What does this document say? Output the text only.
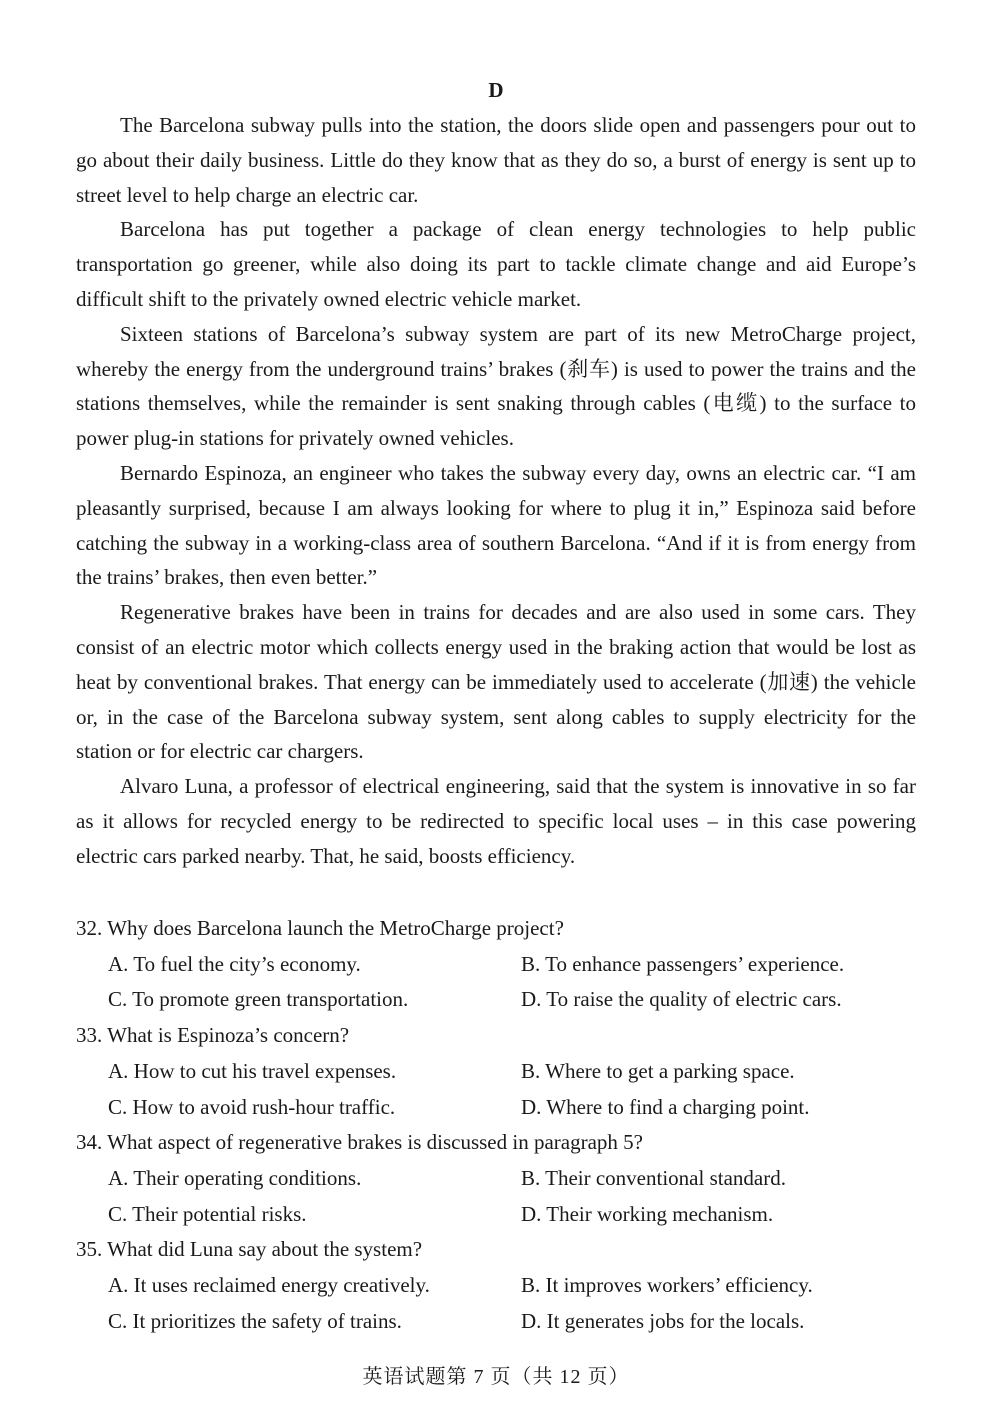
D

The Barcelona subway pulls into the station, the doors slide open and passengers pour out to go about their daily business. Little do they know that as they do so, a burst of energy is sent up to street level to help charge an electric car.

Barcelona has put together a package of clean energy technologies to help public transportation go greener, while also doing its part to tackle climate change and aid Europe’s difficult shift to the privately owned electric vehicle market.

Sixteen stations of Barcelona’s subway system are part of its new MetroCharge project, whereby the energy from the underground trains’ brakes (刹车) is used to power the trains and the stations themselves, while the remainder is sent snaking through cables (电缆) to the surface to power plug-in stations for privately owned vehicles.

Bernardo Espinoza, an engineer who takes the subway every day, owns an electric car. “I am pleasantly surprised, because I am always looking for where to plug it in,” Espinoza said before catching the subway in a working-class area of southern Barcelona. “And if it is from energy from the trains’ brakes, then even better.”

Regenerative brakes have been in trains for decades and are also used in some cars. They consist of an electric motor which collects energy used in the braking action that would be lost as heat by conventional brakes. That energy can be immediately used to accelerate (加速) the vehicle or, in the case of the Barcelona subway system, sent along cables to supply electricity for the station or for electric car chargers.

Alvaro Luna, a professor of electrical engineering, said that the system is innovative in so far as it allows for recycled energy to be redirected to specific local uses – in this case powering electric cars parked nearby. That, he said, boosts efficiency.

32. Why does Barcelona launch the MetroCharge project?
A. To fuel the city’s economy.	B. To enhance passengers’ experience.
C. To promote green transportation.	D. To raise the quality of electric cars.
33. What is Espinoza’s concern?
A. How to cut his travel expenses.	B. Where to get a parking space.
C. How to avoid rush-hour traffic.	D. Where to find a charging point.
34. What aspect of regenerative brakes is discussed in paragraph 5?
A. Their operating conditions.	B. Their conventional standard.
C. Their potential risks.	D. Their working mechanism.
35. What did Luna say about the system?
A. It uses reclaimed energy creatively.	B. It improves workers’ efficiency.
C. It prioritizes the safety of trains.	D. It generates jobs for the locals.
英语试题第 7 页（共 12 页）
